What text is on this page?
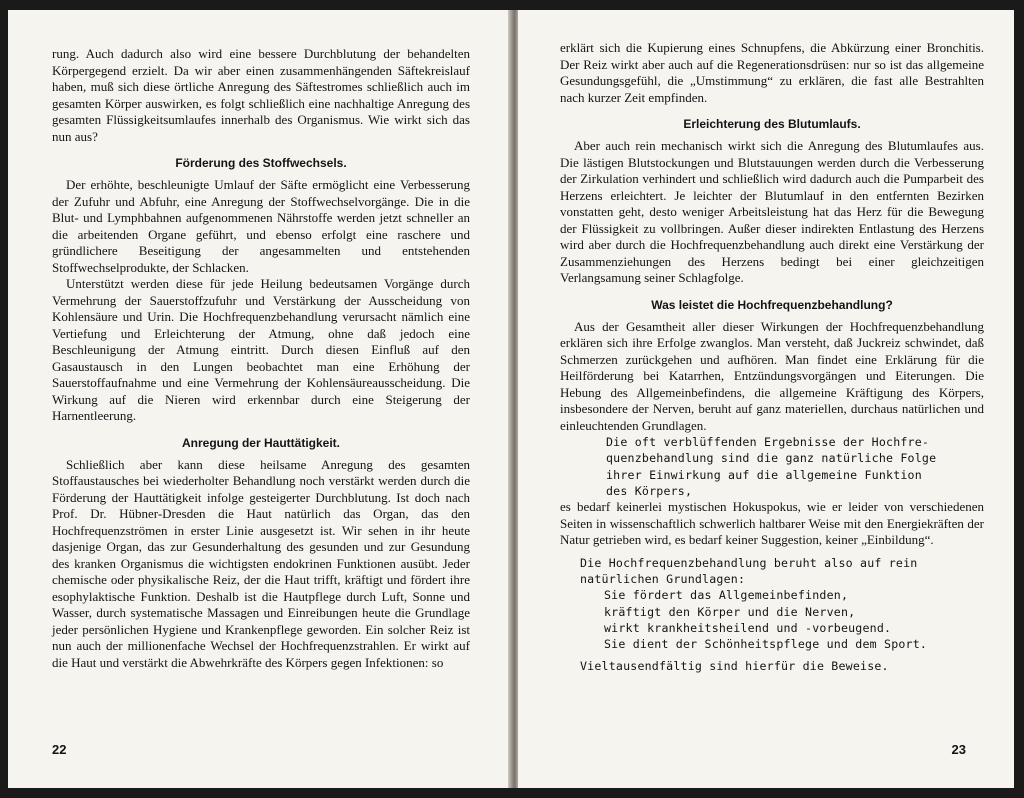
rung. Auch dadurch also wird eine bessere Durchblutung der behandelten Körpergegend erzielt. Da wir aber einen zusammenhängenden Säftekreislauf haben, muß sich diese örtliche Anregung des Säftestromes schließlich auch im gesamten Körper auswirken, es folgt schließlich eine nachhaltige Anregung des gesamten Flüssigkeitsumlaufes innerhalb des Organismus. Wie wirkt sich das nun aus?

Förderung des Stoffwechsels.

Der erhöhte, beschleunigte Umlauf der Säfte ermöglicht eine Verbesserung der Zufuhr und Abfuhr, eine Anregung der Stoffwechselvorgänge. Die in die Blut- und Lymphbahnen aufgenommenen Nährstoffe werden jetzt schneller an die arbeitenden Organe geführt, und ebenso erfolgt eine raschere und gründlichere Beseitigung der angesammelten und entstehenden Stoffwechselprodukte, der Schlacken.

Unterstützt werden diese für jede Heilung bedeutsamen Vorgänge durch Vermehrung der Sauerstoffzufuhr und Verstärkung der Ausscheidung von Kohlensäure und Urin. Die Hochfrequenzbehandlung verursacht nämlich eine Vertiefung und Erleichterung der Atmung, ohne daß jedoch eine Beschleunigung der Atmung eintritt. Durch diesen Einfluß auf den Gasaustausch in den Lungen beobachtet man eine Erhöhung der Sauerstoffaufnahme und eine Vermehrung der Kohlensäureausscheidung. Die Wirkung auf die Nieren wird erkennbar durch eine Steigerung der Harnentleerung.

Anregung der Hauttätigkeit.

Schließlich aber kann diese heilsame Anregung des gesamten Stoffaustausches bei wiederholter Behandlung noch verstärkt werden durch die Förderung der Hauttätigkeit infolge gesteigerter Durchblutung. Ist doch nach Prof. Dr. Hübner-Dresden die Haut natürlich das Organ, das den Hochfrequenzströmen in erster Linie ausgesetzt ist. Wir sehen in ihr heute dasjenige Organ, das zur Gesunderhaltung des gesunden und zur Gesundung des kranken Organismus die wichtigsten endokrinen Funktionen ausübt. Jeder chemische oder physikalische Reiz, der die Haut trifft, kräftigt und fördert ihre esophylaktische Funktion. Deshalb ist die Hautpflege durch Luft, Sonne und Wasser, durch systematische Massagen und Einreibungen heute die Grundlage jeder persönlichen Hygiene und Krankenpflege geworden. Ein solcher Reiz ist nun auch der millionenfache Wechsel der Hochfrequenzstrahlen. Er wirkt auf die Haut und verstärkt die Abwehrkräfte des Körpers gegen Infektionen: so

22

erklärt sich die Kupierung eines Schnupfens, die Abkürzung einer Bronchitis. Der Reiz wirkt aber auch auf die Regenerationsdrüsen: nur so ist das allgemeine Gesundungsgefühl, die „Umstimmung“ zu erklären, die fast alle Bestrahlten nach kurzer Zeit empfinden.

Erleichterung des Blutumlaufs.

Aber auch rein mechanisch wirkt sich die Anregung des Blutumlaufes aus. Die lästigen Blutstockungen und Blutstauungen werden durch die Verbesserung der Zirkulation verhindert und schließlich wird dadurch auch die Pumparbeit des Herzens erleichtert. Je leichter der Blutumlauf in den entfernten Bezirken vonstatten geht, desto weniger Arbeitsleistung hat das Herz für die Bewegung der Flüssigkeit zu vollbringen. Außer dieser indirekten Entlastung des Herzens wird aber durch die Hochfrequenzbehandlung auch direkt eine Verstärkung der Zusammenziehungen des Herzens bedingt bei einer gleichzeitigen Verlangsamung seiner Schlagfolge.

Was leistet die Hochfrequenzbehandlung?

Aus der Gesamtheit aller dieser Wirkungen der Hochfrequenzbehandlung erklären sich ihre Erfolge zwanglos. Man versteht, daß Juckreiz schwindet, daß Schmerzen zurückgehen und aufhören. Man findet eine Erklärung für die Heilförderung bei Katarrhen, Entzündungsvorgängen und Eiterungen. Die Hebung des Allgemeinbefindens, die allgemeine Kräftigung des Körpers, insbesondere der Nerven, beruht auf ganz materiellen, durchaus natürlichen und einleuchtenden Grundlagen.

Die oft verblüffenden Ergebnisse der Hochfre-
quenzbehandlung sind die ganz natürliche Folge
ihrer Einwirkung auf die allgemeine Funktion
des Körpers,

es bedarf keinerlei mystischen Hokuspokus, wie er leider von verschiedenen Seiten in wissenschaftlich schwerlich haltbarer Weise mit den Energiekräften der Natur getrieben wird, es bedarf keiner Suggestion, keiner „Einbildung“.

Die Hochfrequenzbehandlung beruht also auf rein
natürlichen Grundlagen:
Sie fördert das Allgemeinbefinden,
kräftigt den Körper und die Nerven,
wirkt krankheitsheilend und -vorbeugend.
Sie dient der Schönheitspflege und dem Sport.
Vieltausendfältig sind hierfür die Beweise.
23
